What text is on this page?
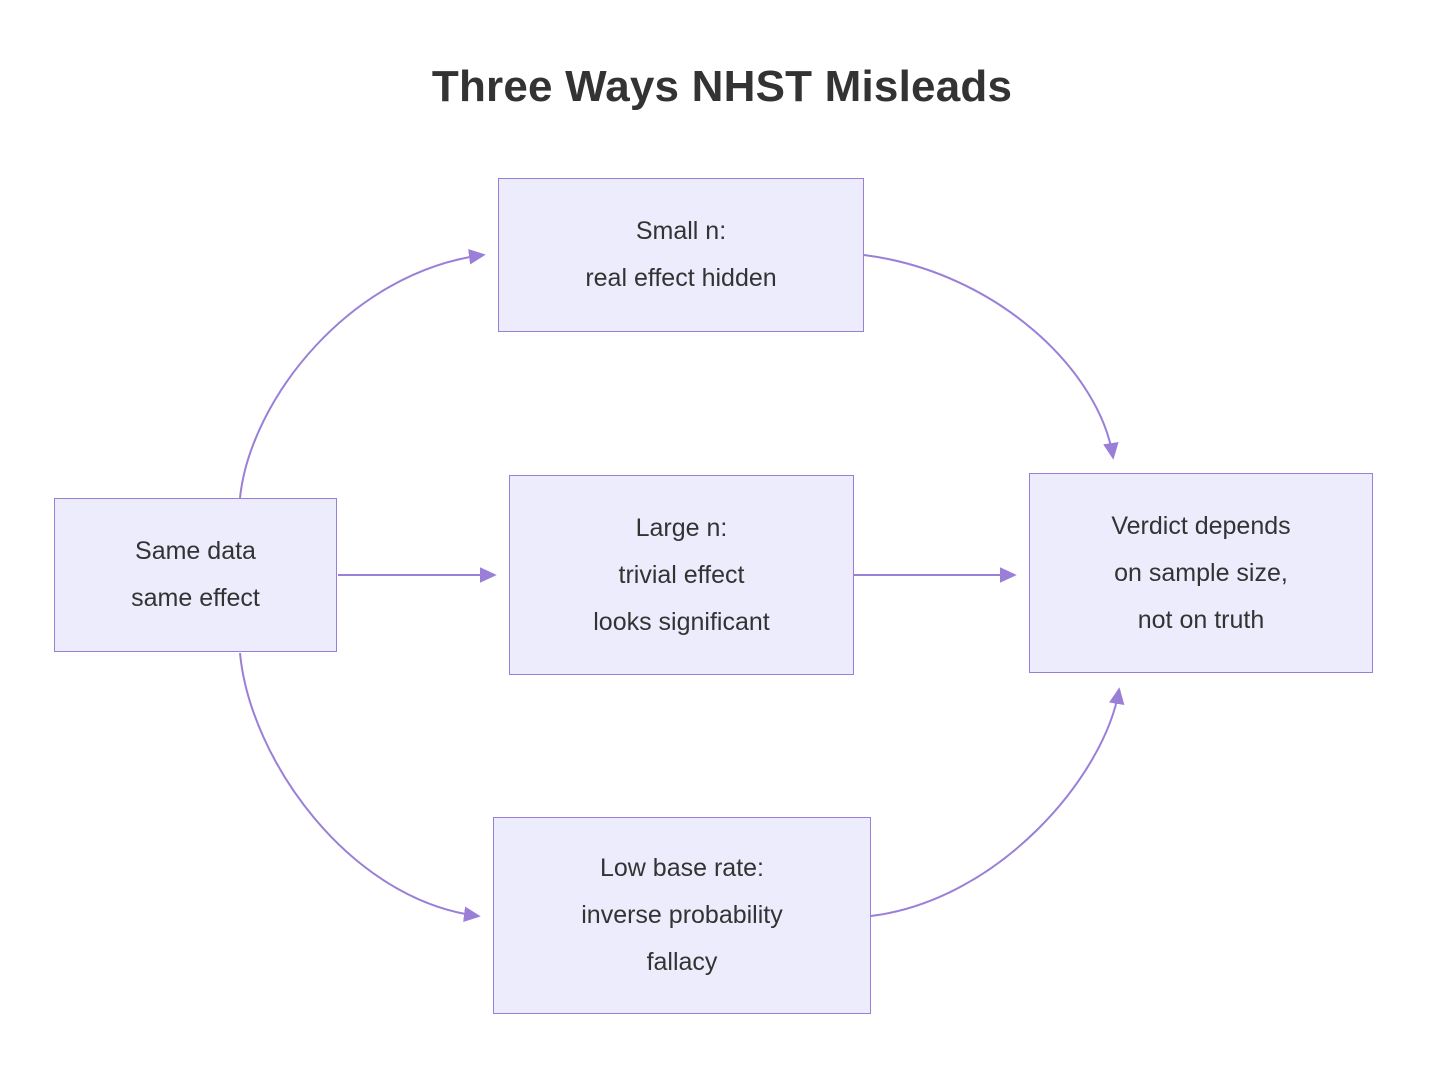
Three Ways NHST Misleads
Same data
same effect
Small n:
real effect hidden
Large n:
trivial effect
looks significant
Low base rate:
inverse probability
fallacy
Verdict depends
on sample size,
not on truth
